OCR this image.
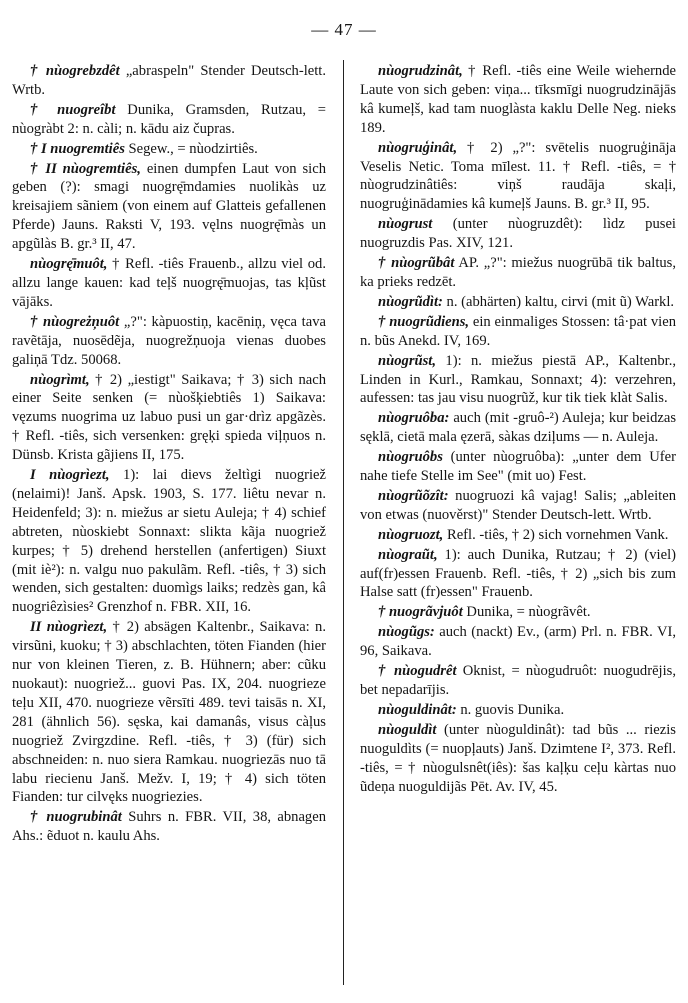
— 47 —

† nùogrebzdêt „abraspeln" Stender Deutsch-lett. Wrtb.

† nuogreîbt Dunika, Gramsden, Rutzau, = nùogràbt 2: n. càli; n. kādu aiz čupras.

† I nuogremtiês Segew., = nùodzirtiês.

† II nùogremtiês, einen dumpfen Laut von sich geben (?): smagi nuogrę̄mdamies nuolikàs uz kreisajiem sãniem (von einem auf Glatteis gefallenen Pferde) Jauns. Raksti V, 193. vęlns nuogrę̄màs un apgũlàs B. gr.³ II, 47.

nùogrę̄muôt, † Refl. -tiês Frauenb., allzu viel od. allzu lange kauen: kad teļš nuogrę̄muojas, tas kļũst vājāks.

† nùogreżņuôt „?": kàpuostiņ, kacēniņ, vęca tava ravẽtāja, nuosēdẽja, nuogrežņuoja vienas duobes galiņā Tdz. 50068.

nùogrìmt, † 2) „iestigt" Saikava; † 3) sich nach einer Seite senken (= nùošķiebtiês 1) Saikava: vęzums nuogrima uz labuo pusi un gar·drìz apgãzès. † Refl. -tiês, sich versenken: gręķi spieda viļņuos n. Dünsb. Krista gãjiens II, 175.

I nùogrìezt, 1): lai dievs želtìgi nuogriež (nelaimi)! Janš. Apsk. 1903, S. 177. liêtu nevar n. Heidenfeld; 3): n. miežus ar sietu Auleja; † 4) schief abtreten, nùoskiebt Sonnaxt: slikta kãja nuogriež kurpes; † 5) drehend herstellen (anfertigen) Siuxt (mit iè²): n. valgu nuo pakulãm. Refl. -tiês, † 3) sich wenden, sich gestalten: duomìgs laiks; redzès gan, kâ nuogriêzìsies² Grenzhof n. FBR. XII, 16.

II nùogrìezt, † 2) absägen Kaltenbr., Saikava: n. virsũni, kuoku; † 3) abschlachten, töten Fianden (hier nur von kleinen Tieren, z. B. Hühnern; aber: cũku nuokaut): nuogriež... guovi Pas. IX, 204. nuogrieze teļu XII, 470. nuogrieze vẽrsīti 489. tevi taisās n. XI, 281 (ähnlich 56). sęska, kai damanâs, visus càļus nuogriež Zvirgzdine. Refl. -tiês, † 3) (für) sich abschneiden: n. nuo siera Ramkau. nuogriezās nuo tā labu riecienu Janš. Mežv. I, 19; † 4) sich töten Fianden: tur cilvęks nuogriezies.

† nuogrubinât Suhrs n. FBR. VII, 38, abnagen Ahs.: ẽduot n. kaulu Ahs.

nùogrudzinât, † Refl. -tiês eine Weile wiehernde Laute von sich geben: viņa... tīksmīgi nuogrudzinājās kâ kumeļš, kad tam nuoglàsta kaklu Delle Neg. nieks 189.

nùogruģinât, † 2) „?": svētelis nuogruģināja Veselis Netic. Toma mīlest. 11. † Refl. -tiês, = † nùogrudzinâtiês: viņš raudāja skaļi, nuogruģinādamies kâ kumeļš Jauns. B. gr.³ II, 95.

nùogrust (unter nùogruzdêt): lìdz pusei nuogruzdis Pas. XIV, 121.

† nùogrũbât AP. „?": miežus nuogrūbā tik baltus, ka prieks redzēt.

nùogrũdìt: n. (abhärten) kaltu, cirvi (mit ũ) Warkl.

† nuogrũdiens, ein einmaliges Stossen: tâ·pat vien n. bũs Anekd. IV, 169.

nùogrũst, 1): n. miežus piestā AP., Kaltenbr., Linden in Kurl., Ramkau, Sonnaxt; 4): verzehren, aufessen: tas jau visu nuogrũž, kur tik tiek klàt Salis.

nùogruôba: auch (mit -gruô-²) Auleja; kur beidzas sęklā, cietā mala ęzerā, sàkas dziļums — n. Auleja.

nùogruôbs (unter nùogruôba): „unter dem Ufer nahe tiefe Stelle im See" (mit uo) Fest.

nùogrũõzît: nuogruozi kâ vajag! Salis; „ableiten von etwas (nuověrst)" Stender Deutsch-lett. Wrtb.

nùogruozt, Refl. -tiês, † 2) sich vornehmen Vank.

nùograũt, 1): auch Dunika, Rutzau; † 2) (viel) auf(fr)essen Frauenb. Refl. -tiês, † 2) „sich bis zum Halse satt (fr)essen" Frauenb.

† nuogrãvjuôt Dunika, = nùogrãvêt.

nùogũgs: auch (nackt) Ev., (arm) Prl. n. FBR. VI, 96, Saikava.

† nùogudrêt Oknist, = nùogudruôt: nuogudrējis, bet nepadarījis.

nùoguldinât: n. guovis Dunika.

nùoguldìt (unter nùoguldinât): tad bũs ... riezis nuoguldìts (= nuopļauts) Janš. Dzimtene I², 373. Refl. -tiês, = † nùogulsnêt(iês): šas kaļķu ceļu kàrtas nuo ũdeņa nuoguldijãs Pēt. Av. IV, 45.
